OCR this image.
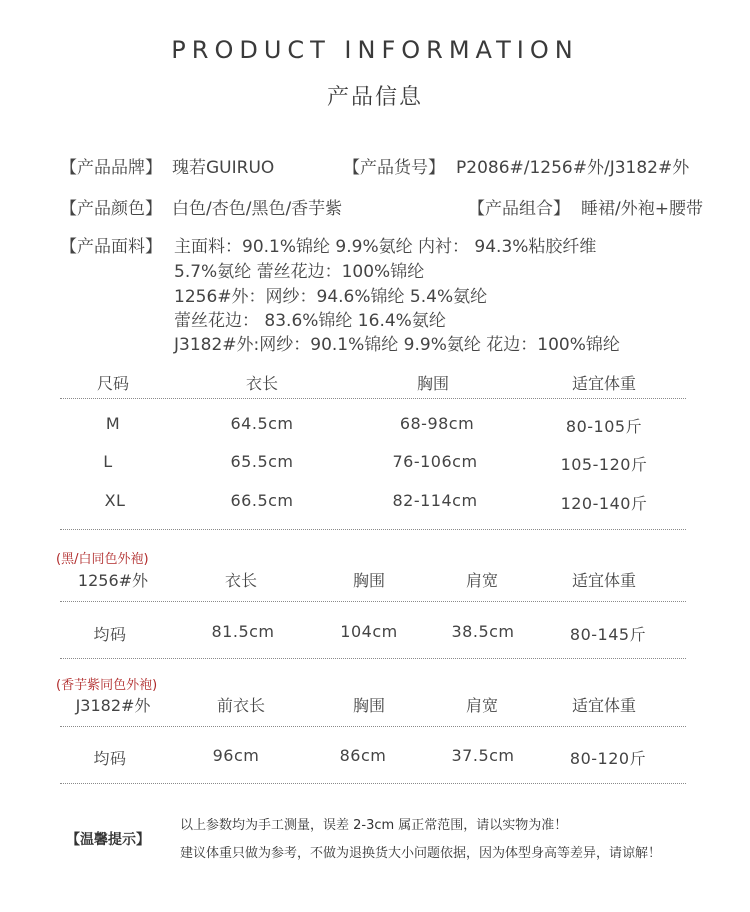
PRODUCT INFORMATION
产品信息
【产品品牌】 瑰若GUIRUO	【产品货号】 P2086#/1256#外/J3182#外
【产品颜色】 白色/杏色/黑色/香芋紫	【产品组合】 睡裙/外袍+腰带
【产品面料】 主面料：90.1%锦纶 9.9%氨纶 内衬： 94.3%粘胶纤维
5.7%氨纶 蕾丝花边：100%锦纶
1256#外：网纱：94.6%锦纶 5.4%氨纶
蕾丝花边： 83.6%锦纶 16.4%氨纶
J3182#外:网纱：90.1%锦纶 9.9%氨纶 花边：100%锦纶
尺码	衣长	胸围	适宜体重
M	64.5cm	68-98cm	80-105斤
L	65.5cm	76-106cm	105-120斤
XL	66.5cm	82-114cm	120-140斤
(黑/白同色外袍)
1256#外	衣长	胸围	肩宽	适宜体重
均码	81.5cm	104cm	38.5cm	80-145斤
(香芋紫同色外袍)
J3182#外	前衣长	胸围	肩宽	适宜体重
均码	96cm	86cm	37.5cm	80-120斤
【温馨提示】
以上参数均为手工测量，误差 2-3cm 属正常范围，请以实物为准！
建议体重只做为参考，不做为退换货大小问题依据，因为体型身高等差异，请谅解！
